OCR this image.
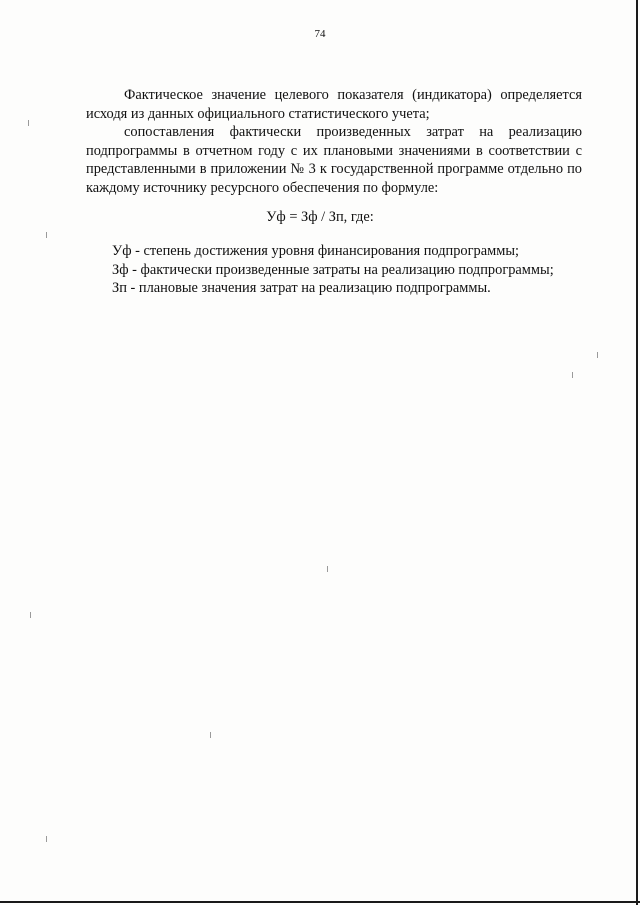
74

Фактическое значение целевого показателя (индикатора) определяется исходя из данных официального статистического учета;

сопоставления фактически произведенных затрат на реализацию подпрограммы в отчетном году с их плановыми значениями в соответствии с представленными в приложении № 3 к государственной программе отдельно по каждому источнику ресурсного обеспечения по формуле:

Уф = Зф / Зп, где:
Уф - степень достижения уровня финансирования подпрограммы;
Зф - фактически произведенные затраты на реализацию подпрограммы;
Зп - плановые значения затрат на реализацию подпрограммы.
